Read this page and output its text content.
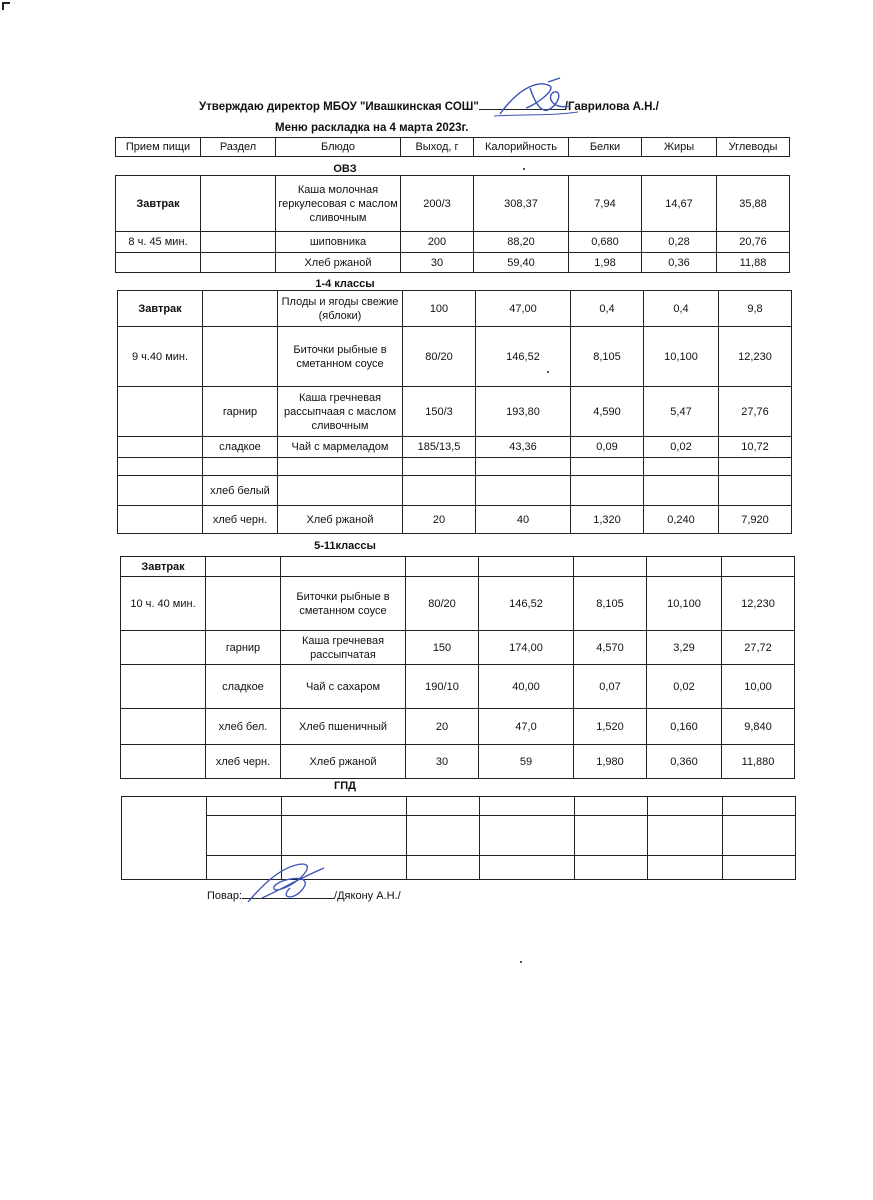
Утверждаю директор МБОУ "Ивашкинская СОШ"	/Гаврилова А.Н./
Меню раскладка на 4 марта 2023г.
Прием пищи	Раздел	Блюдо	Выход, г	Калорийность	Белки	Жиры	Углеводы
ОВЗ
Завтрак		Каша молочная геркулесовая с маслом сливочным	200/3	308,37	7,94	14,67	35,88
8 ч. 45 мин.		шиповника	200	88,20	0,680	0,28	20,76
		Хлеб ржаной	30	59,40	1,98	0,36	11,88
1-4 классы
Завтрак		Плоды и ягоды свежие (яблоки)	100	47,00	0,4	0,4	9,8
9 ч.40 мин.		Биточки рыбные в сметанном соусе	80/20	146,52	8,105	10,100	12,230
	гарнир	Каша гречневая рассыпчаая с маслом сливочным	150/3	193,80	4,590	5,47	27,76
	сладкое	Чай с мармеладом	185/13,5	43,36	0,09	0,02	10,72

	хлеб белый						
	хлеб черн.	Хлеб ржаной	20	40	1,320	0,240	7,920
5-11классы
Завтрак							
10 ч. 40 мин.		Биточки рыбные в сметанном соусе	80/20	146,52	8,105	10,100	12,230
	гарнир	Каша гречневая рассыпчатая	150	174,00	4,570	3,29	27,72
	сладкое	Чай с сахаром	190/10	40,00	0,07	0,02	10,00
	хлеб бел.	Хлеб пшеничный	20	47,0	1,520	0,160	9,840
	хлеб черн.	Хлеб ржаной	30	59	1,980	0,360	11,880
ГПД

Повар:	/Дякону А.Н./
